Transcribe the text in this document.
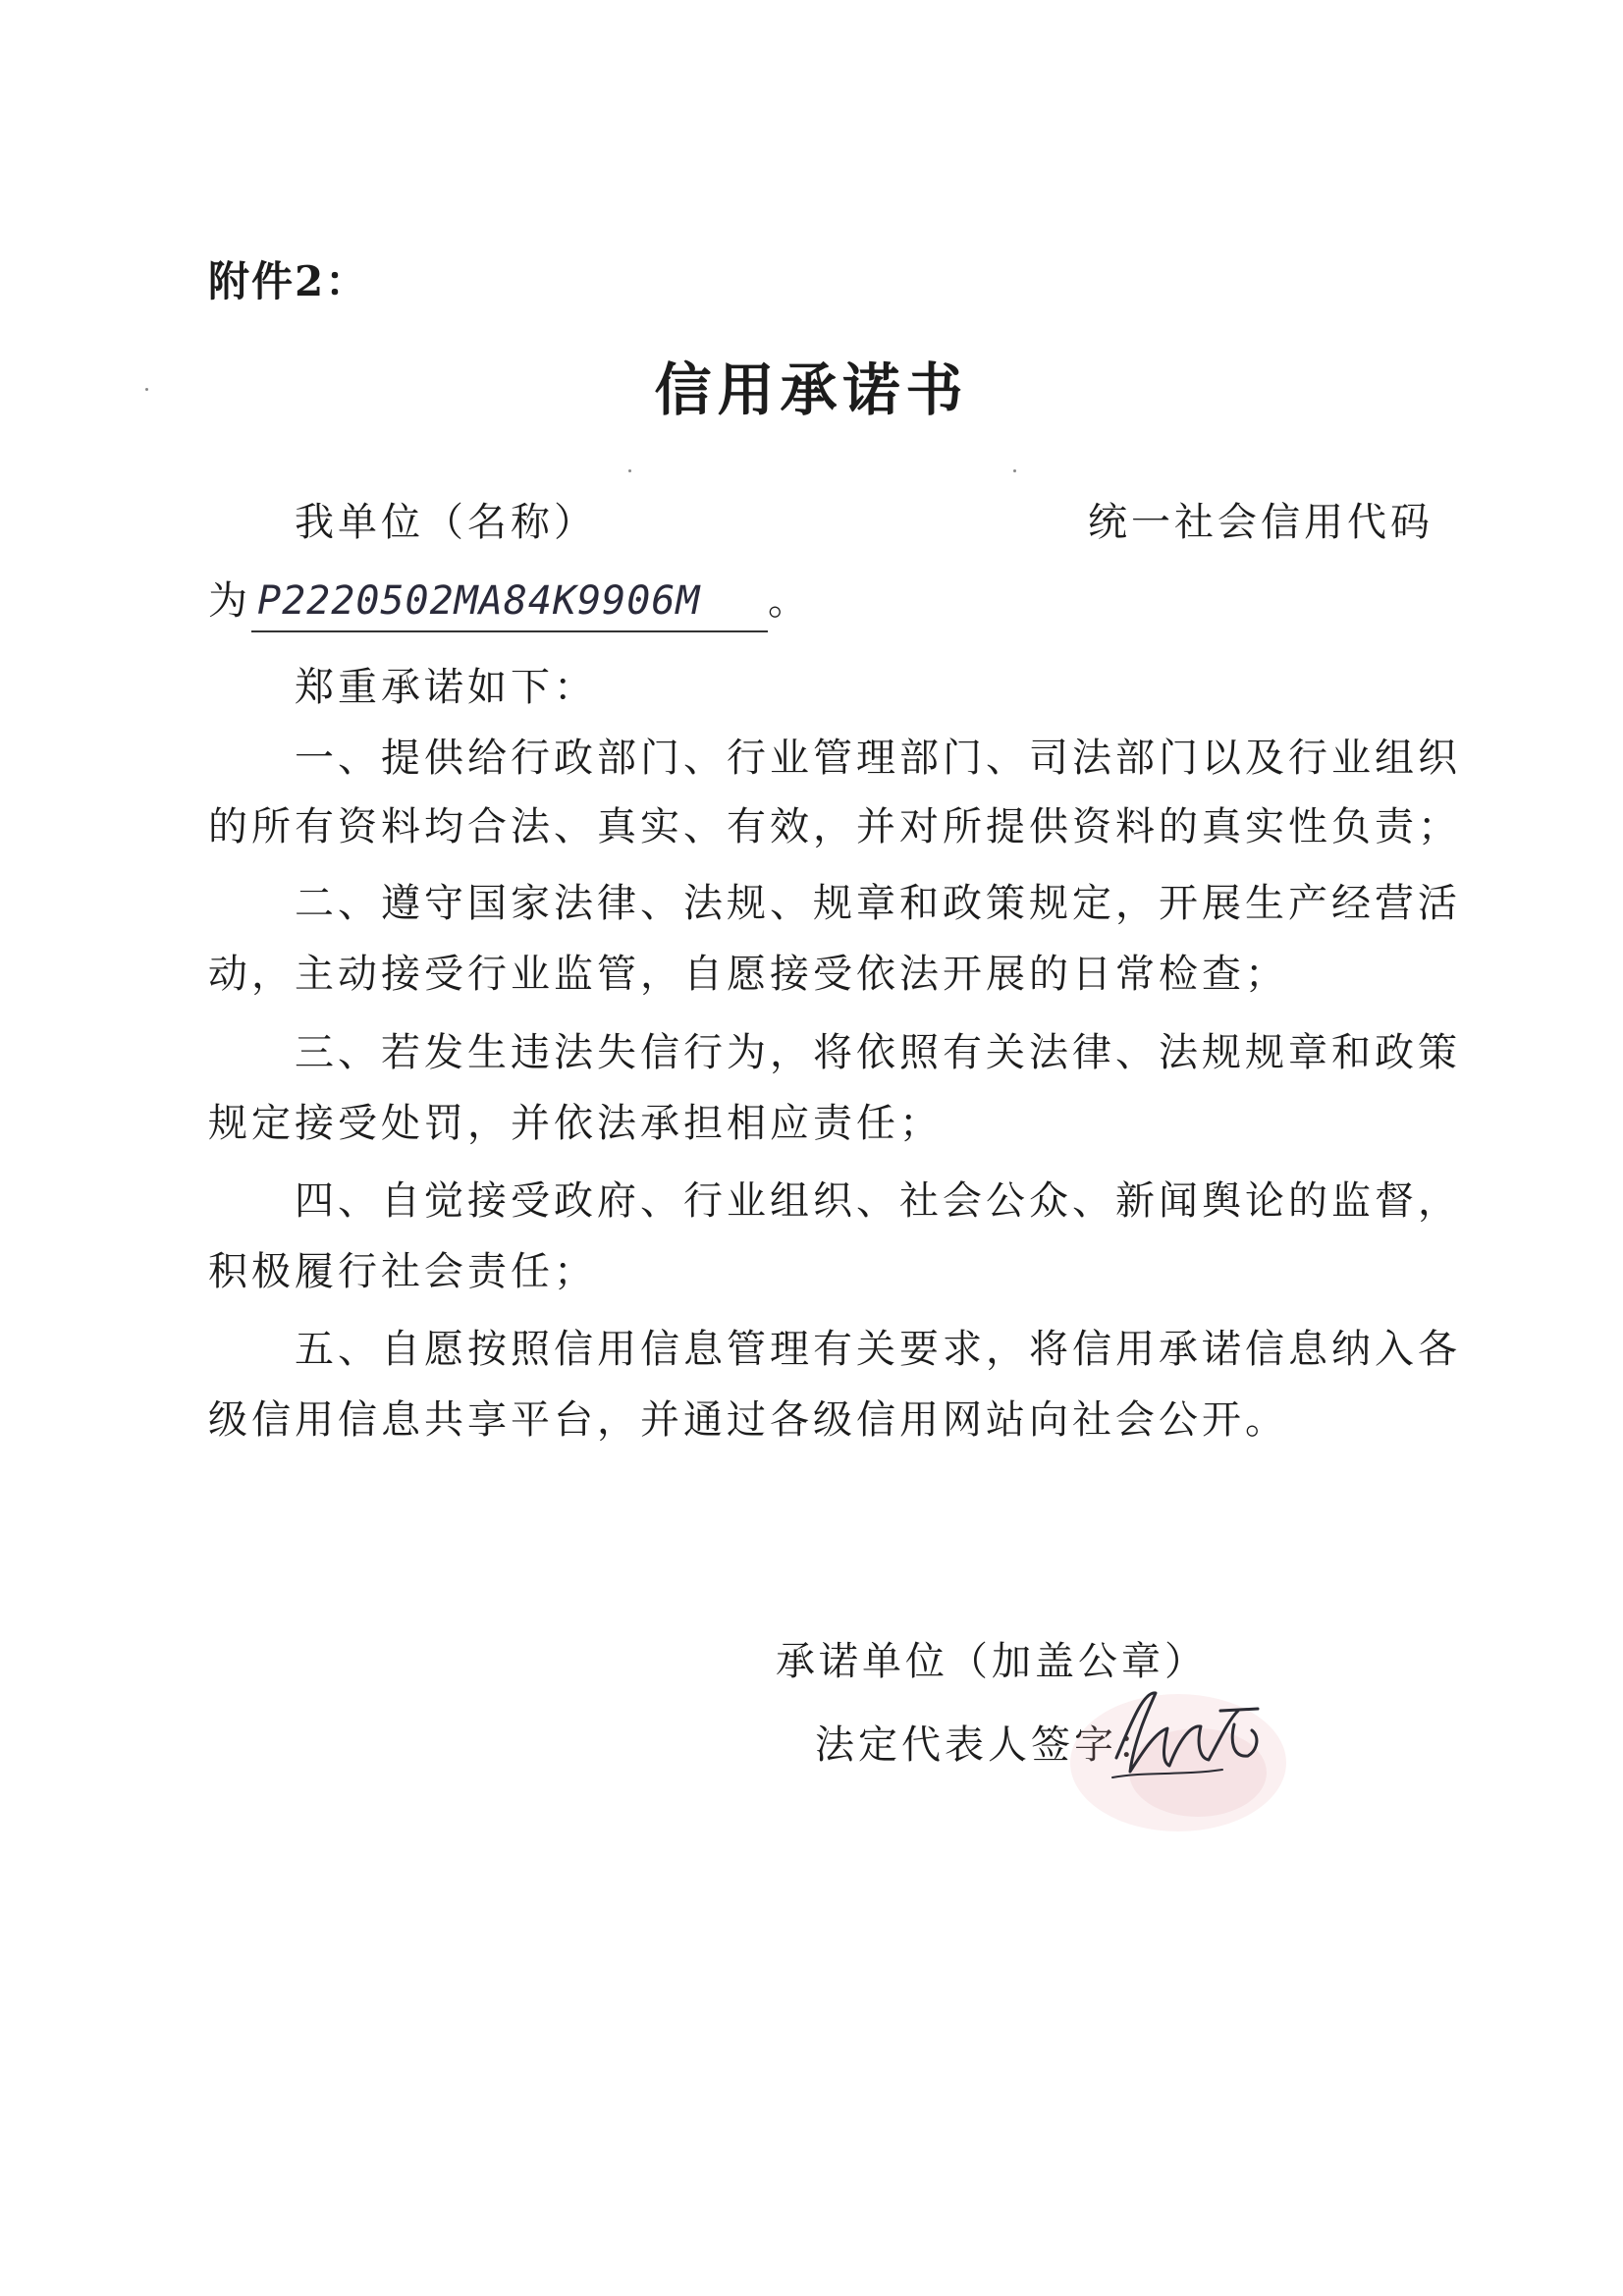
附件2：
信用承诺书
我单位（名称）	统一社会信用代码
为 P2220502MA84K9906M 。
郑重承诺如下：
一、提供给行政部门、行业管理部门、司法部门以及行业组织
的所有资料均合法、真实、有效，并对所提供资料的真实性负责；
二、遵守国家法律、法规、规章和政策规定，开展生产经营活
动，主动接受行业监管，自愿接受依法开展的日常检查；
三、若发生违法失信行为，将依照有关法律、法规规章和政策
规定接受处罚，并依法承担相应责任；
四、自觉接受政府、行业组织、社会公众、新闻舆论的监督，
积极履行社会责任；
五、自愿按照信用信息管理有关要求，将信用承诺信息纳入各
级信用信息共享平台，并通过各级信用网站向社会公开。
承诺单位（加盖公章）
法定代表人签字：
